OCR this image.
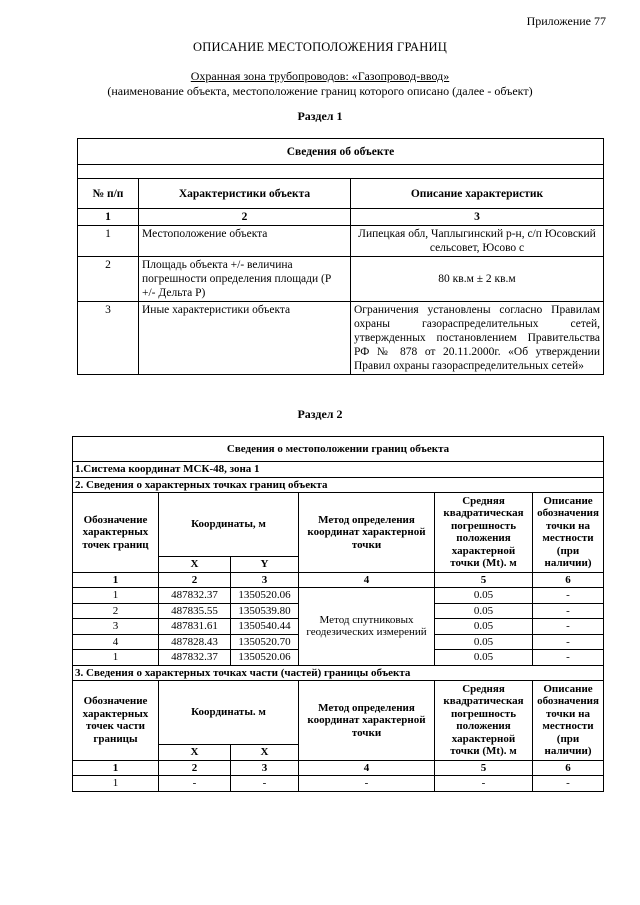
Приложение 77
ОПИСАНИЕ МЕСТОПОЛОЖЕНИЯ ГРАНИЦ
Охранная зона трубопроводов: «Газопровод-ввод»
(наименование объекта, местоположение границ которого описано (далее - объект)
Раздел 1
Сведения об объекте		

№ п/п	Характеристики объекта	Описание характеристик
1	2	3
1	Местоположение объекта	Липецкая обл, Чаплыгинский р-н, с/п Юсовский сельсовет, Юсово с
2	Площадь объекта +/- величина погрешности определения площади (P +/- Дельта P)	80 кв.м ± 2 кв.м
3	Иные характеристики объекта	Ограничения установлены согласно Правилам охраны газораспределительных сетей, утвержденных постановлением Правительства РФ № 878 от 20.11.2000г. «Об утверждении Правил охраны газораспределительных сетей»
Раздел 2
Сведения о местоположении границ объекта					
1.Система координат МСК-48, зона 1					
2. Сведения о характерных точках границ объекта					
Обозначение характерных точек границ	Координаты, м		Метод определения координат характерной точки	Средняя квадратическая погрешность положения характерной точки (Mt). м	Описание обозначения точки на местности (при наличии)
	X	Y			
1	2	3	4	5	6
1	487832.37	1350520.06	Метод спутниковых геодезических измерений	0.05	-
2	487835.55	1350539.80		0.05	-
3	487831.61	1350540.44		0.05	-
4	487828.43	1350520.70		0.05	-
1	487832.37	1350520.06		0.05	-
3. Сведения о характерных точках части (частей) границы объекта					
Обозначение характерных точек части границы	Координаты. м		Метод определения координат характерной точки	Средняя квадратическая погрешность положения характерной точки (Mt). м	Описание обозначения точки на местности (при наличии)
	X	X			
1	2	3	4	5	6
1	-	-	-	-	-
